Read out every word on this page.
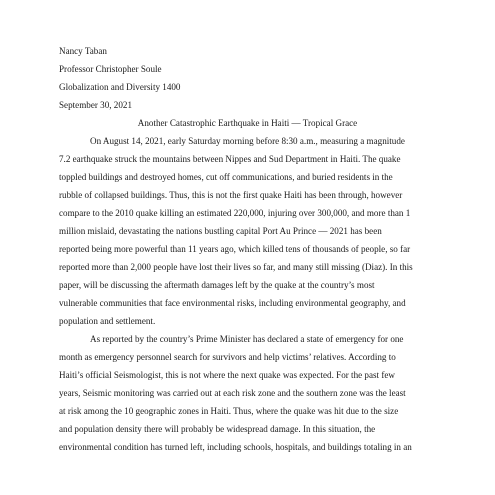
Nancy Taban
Professor Christopher Soule
Globalization and Diversity 1400
September 30, 2021
Another Catastrophic Earthquake in Haiti — Tropical Grace
On August 14, 2021, early Saturday morning before 8:30 a.m., measuring a magnitude
7.2 earthquake struck the mountains between Nippes and Sud Department in Haiti. The quake
toppled buildings and destroyed homes, cut off communications, and buried residents in the
rubble of collapsed buildings. Thus, this is not the first quake Haiti has been through, however
compare to the 2010 quake killing an estimated 220,000, injuring over 300,000, and more than 1
million mislaid, devastating the nations bustling capital Port Au Prince — 2021 has been
reported being more powerful than 11 years ago, which killed tens of thousands of people, so far
reported more than 2,000 people have lost their lives so far, and many still missing (Diaz). In this
paper, will be discussing the aftermath damages left by the quake at the country’s most
vulnerable communities that face environmental risks, including environmental geography, and
population and settlement.
As reported by the country’s Prime Minister has declared a state of emergency for one
month as emergency personnel search for survivors and help victims’ relatives. According to
Haiti’s official Seismologist, this is not where the next quake was expected. For the past few
years, Seismic monitoring was carried out at each risk zone and the southern zone was the least
at risk among the 10 geographic zones in Haiti. Thus, where the quake was hit due to the size
and population density there will probably be widespread damage. In this situation, the
environmental condition has turned left, including schools, hospitals, and buildings totaling in an
